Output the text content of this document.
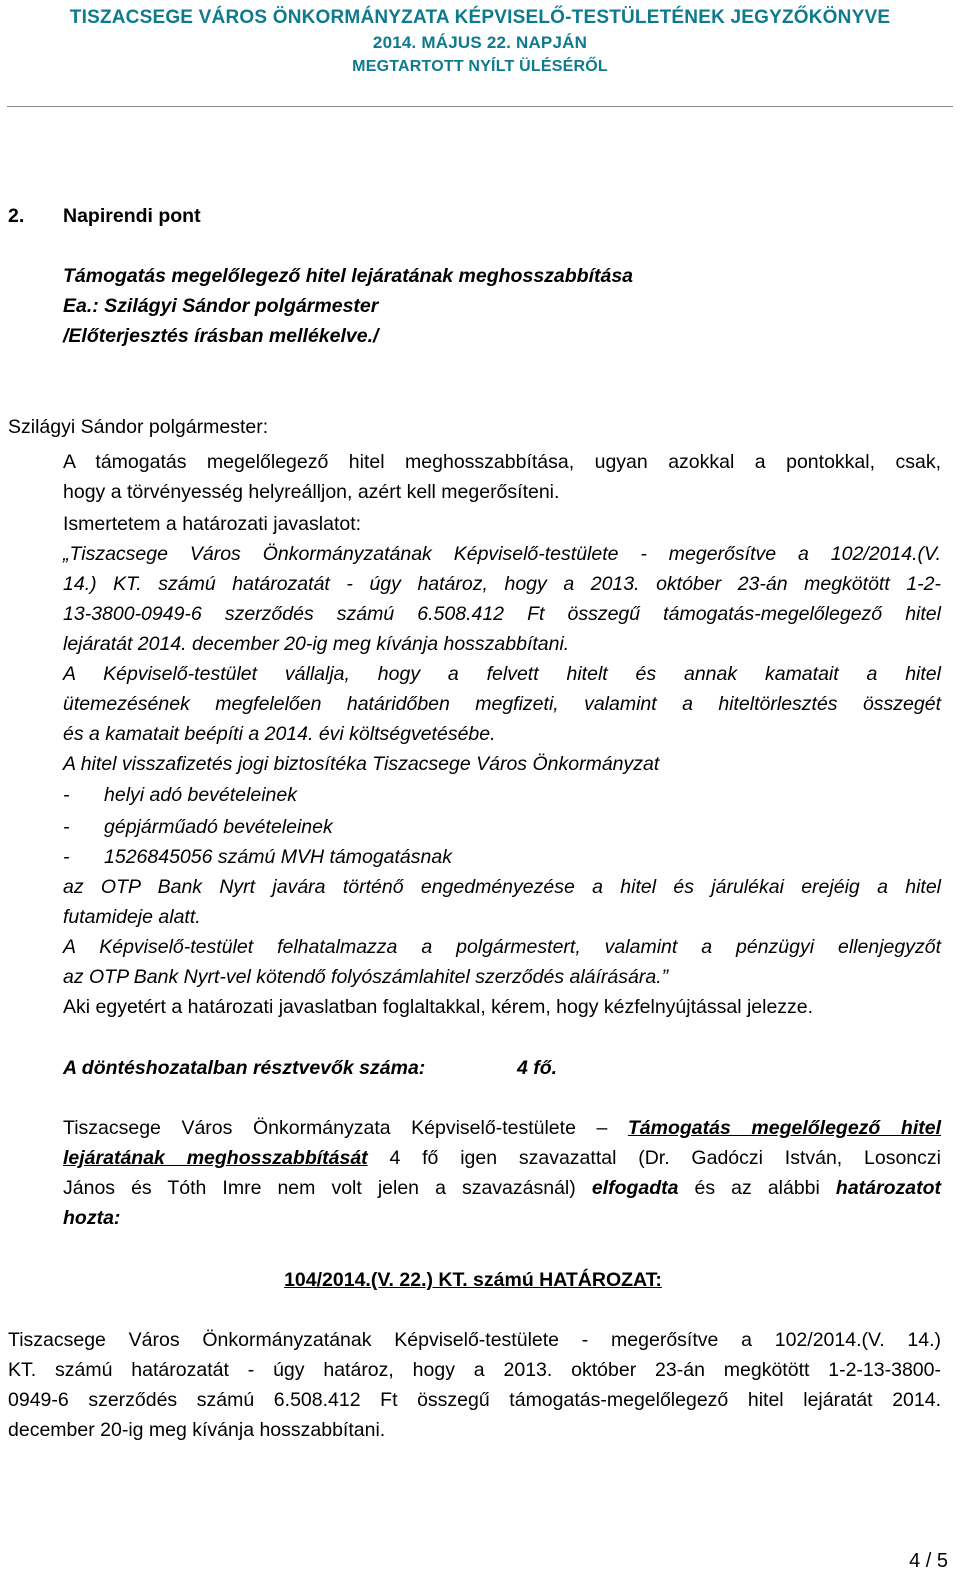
TISZACSEGE VÁROS ÖNKORMÁNYZATA KÉPVISELŐ-TESTÜLETÉNEK JEGYZŐKÖNYVE
2014. MÁJUS 22. NAPJÁN
MEGTARTOTT NYÍLT ÜLÉSÉRŐL
2. Napirendi pont
Támogatás megelőlegező hitel lejáratának meghosszabbítása
Ea.: Szilágyi Sándor polgármester
/Előterjesztés írásban mellékelve./
Szilágyi Sándor polgármester:
A támogatás megelőlegező hitel meghosszabbítása, ugyan azokkal a pontokkal, csak,
hogy a törvényesség helyreálljon, azért kell megerősíteni.
Ismertetem a határozati javaslatot:
„Tiszacsege Város Önkormányzatának Képviselő-testülete - megerősítve a 102/2014.(V.
14.) KT. számú határozatát - úgy határoz, hogy a 2013. október 23-án megkötött 1-2-
13-3800-0949-6 szerződés számú 6.508.412 Ft összegű támogatás-megelőlegező hitel
lejáratát 2014. december 20-ig meg kívánja hosszabbítani.
A Képviselő-testület vállalja, hogy a felvett hitelt és annak kamatait a hitel
ütemezésének megfelelően határidőben megfizeti, valamint a hiteltörlesztés összegét
és a kamatait beépíti a 2014. évi költségvetésébe.
A hitel visszafizetés jogi biztosítéka Tiszacsege Város Önkormányzat
- helyi adó bevételeinek
- gépjárműadó bevételeinek
- 1526845056 számú MVH támogatásnak
az OTP Bank Nyrt javára történő engedményezése a hitel és járulékai erejéig a hitel
futamideje alatt.
A Képviselő-testület felhatalmazza a polgármestert, valamint a pénzügyi ellenjegyzőt
az OTP Bank Nyrt-vel kötendő folyószámlahitel szerződés aláírására.”
Aki egyetért a határozati javaslatban foglaltakkal, kérem, hogy kézfelnyújtással jelezze.
A döntéshozatalban résztvevők száma:	4 fő.
Tiszacsege Város Önkormányzata Képviselő-testülete – Támogatás megelőlegező hitel
lejáratának meghosszabbítását 4 fő igen szavazattal (Dr. Gadóczi István, Losonczi
János és Tóth Imre nem volt jelen a szavazásnál) elfogadta és az alábbi határozatot
hozta:
104/2014.(V. 22.) KT. számú HATÁROZAT:
Tiszacsege Város Önkormányzatának Képviselő-testülete - megerősítve a 102/2014.(V. 14.)
KT. számú határozatát - úgy határoz, hogy a 2013. október 23-án megkötött 1-2-13-3800-
0949-6 szerződés számú 6.508.412 Ft összegű támogatás-megelőlegező hitel lejáratát 2014.
december 20-ig meg kívánja hosszabbítani.
4 / 5
